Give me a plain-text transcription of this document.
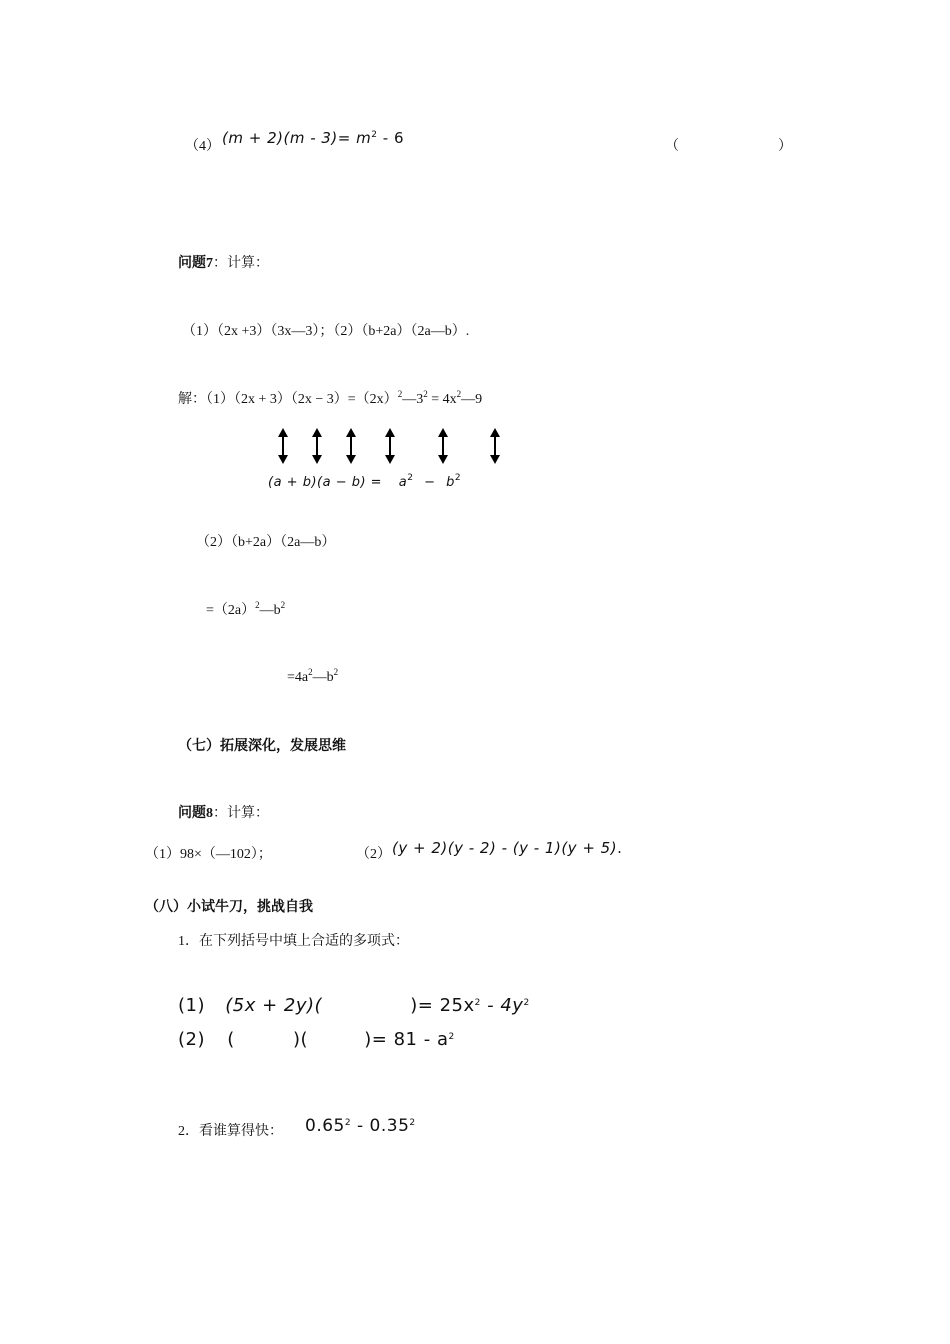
（4） $(m + 2)(m - 3)= m^2 - 6$	（	）
问题7：计算：
（1）（2x +3）（3x—3）；（2）（b+2a）（2a—b）.
解：$(1)(2x + 3)(2x - 3)=(2x)^2—3^2$ = $4x^2—9$
$(a + b)(a - b) = a^2 - b^2$
（2）（b+2a）（2a—b）
$=(2a)^2—b^2$
$=4a^2—b^2$
（七）拓展深化，发展思维
问题8：计算：
（1）98×（—102）；	（2） (y + 2)(y - 2) - (y - 1)(y + 5).
（八）小试牛刀，挑战自我
1．在下列括号中填上合适的多项式：
(1) (5x + 2y)(	)= $25x^2 - 4y^2$
(2) (	)(	)= $81 - a^2$
2．看谁算得快： 0.65$^2$ - 0.35$^2$
